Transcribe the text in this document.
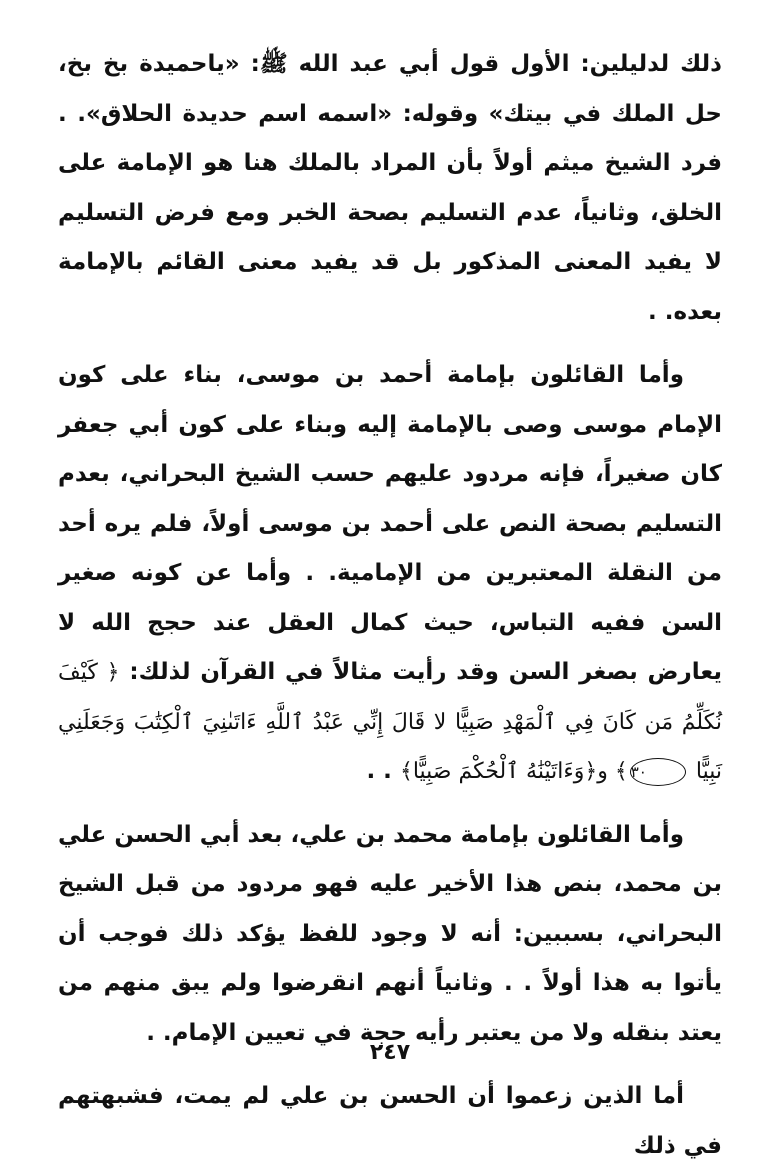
ذلك لدليلين: الأول قول أبي عبد الله ﷺ: «ياحميدة بخ بخ، حل الملك في بيتك» وقوله: «اسمه اسم حديدة الحلاق». . فرد الشيخ ميثم أولاً بأن المراد بالملك هنا هو الإمامة على الخلق، وثانياً، عدم التسليم بصحة الخبر ومع فرض التسليم لا يفيد المعنى المذكور بل قد يفيد معنى القائم بالإمامة بعده. .

وأما القائلون بإمامة أحمد بن موسى، بناء على كون الإمام موسى وصى بالإمامة إليه وبناء على كون أبي جعفر كان صغيراً، فإنه مردود عليهم حسب الشيخ البحراني، بعدم التسليم بصحة النص على أحمد بن موسى أولاً، فلم يره أحد من النقلة المعتبرين من الإمامية. . وأما عن كونه صغير السن ففيه التباس، حيث كمال العقل عند حجج الله لا يعارض بصغر السن وقد رأيت مثالاً في القرآن لذلك: ﴿ كَيْفَ نُكَلِّمُ مَن كَانَ فِي ٱلْمَهْدِ صَبِيًّا لا قَالَ إِنِّي عَبْدُ ٱللَّهِ ءَاتَىٰنِيَ ٱلْكِتَٰبَ وَجَعَلَنِي نَبِيًّا ٣٠﴾ و﴿وَءَاتَيْنَٰهُ ٱلْحُكْمَ صَبِيًّا﴾ . .

وأما القائلون بإمامة محمد بن علي، بعد أبي الحسن علي بن محمد، بنص هذا الأخير عليه فهو مردود من قبل الشيخ البحراني، بسببين: أنه لا وجود للفظ يؤكد ذلك فوجب أن يأتوا به هذا أولاً . . وثانياً أنهم انقرضوا ولم يبق منهم من يعتد بنقله ولا من يعتبر رأيه حجة في تعيين الإمام. .

أما الذين زعموا أن الحسن بن علي لم يمت، فشبهتهم في ذلك

٢٤٧
